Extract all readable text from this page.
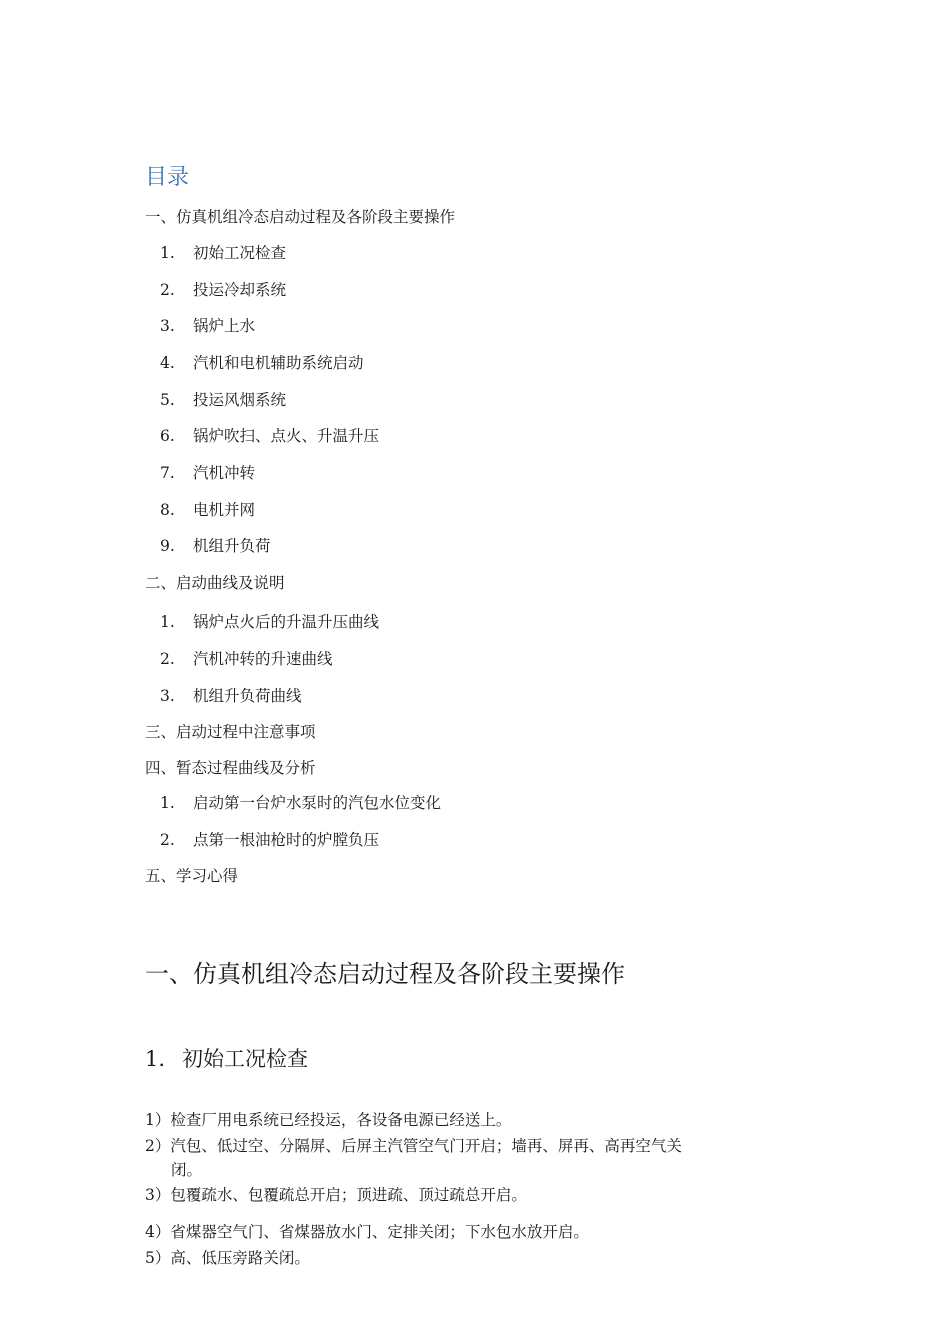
目录
一、仿真机组冷态启动过程及各阶段主要操作
1. 初始工况检查
2. 投运冷却系统
3. 锅炉上水
4. 汽机和电机辅助系统启动
5. 投运风烟系统
6. 锅炉吹扫、点火、升温升压
7. 汽机冲转
8. 电机并网
9. 机组升负荷
二、启动曲线及说明
1. 锅炉点火后的升温升压曲线
2. 汽机冲转的升速曲线
3. 机组升负荷曲线
三、启动过程中注意事项
四、暂态过程曲线及分析
1. 启动第一台炉水泵时的汽包水位变化
2. 点第一根油枪时的炉膛负压
五、学习心得
一、仿真机组冷态启动过程及各阶段主要操作
1. 初始工况检查
1）检查厂用电系统已经投运，各设备电源已经送上。
2）汽包、低过空、分隔屏、后屏主汽管空气门开启；墙再、屏再、高再空气关
闭。
3）包覆疏水、包覆疏总开启；顶进疏、顶过疏总开启。
4）省煤器空气门、省煤器放水门、定排关闭；下水包水放开启。
5）高、低压旁路关闭。
